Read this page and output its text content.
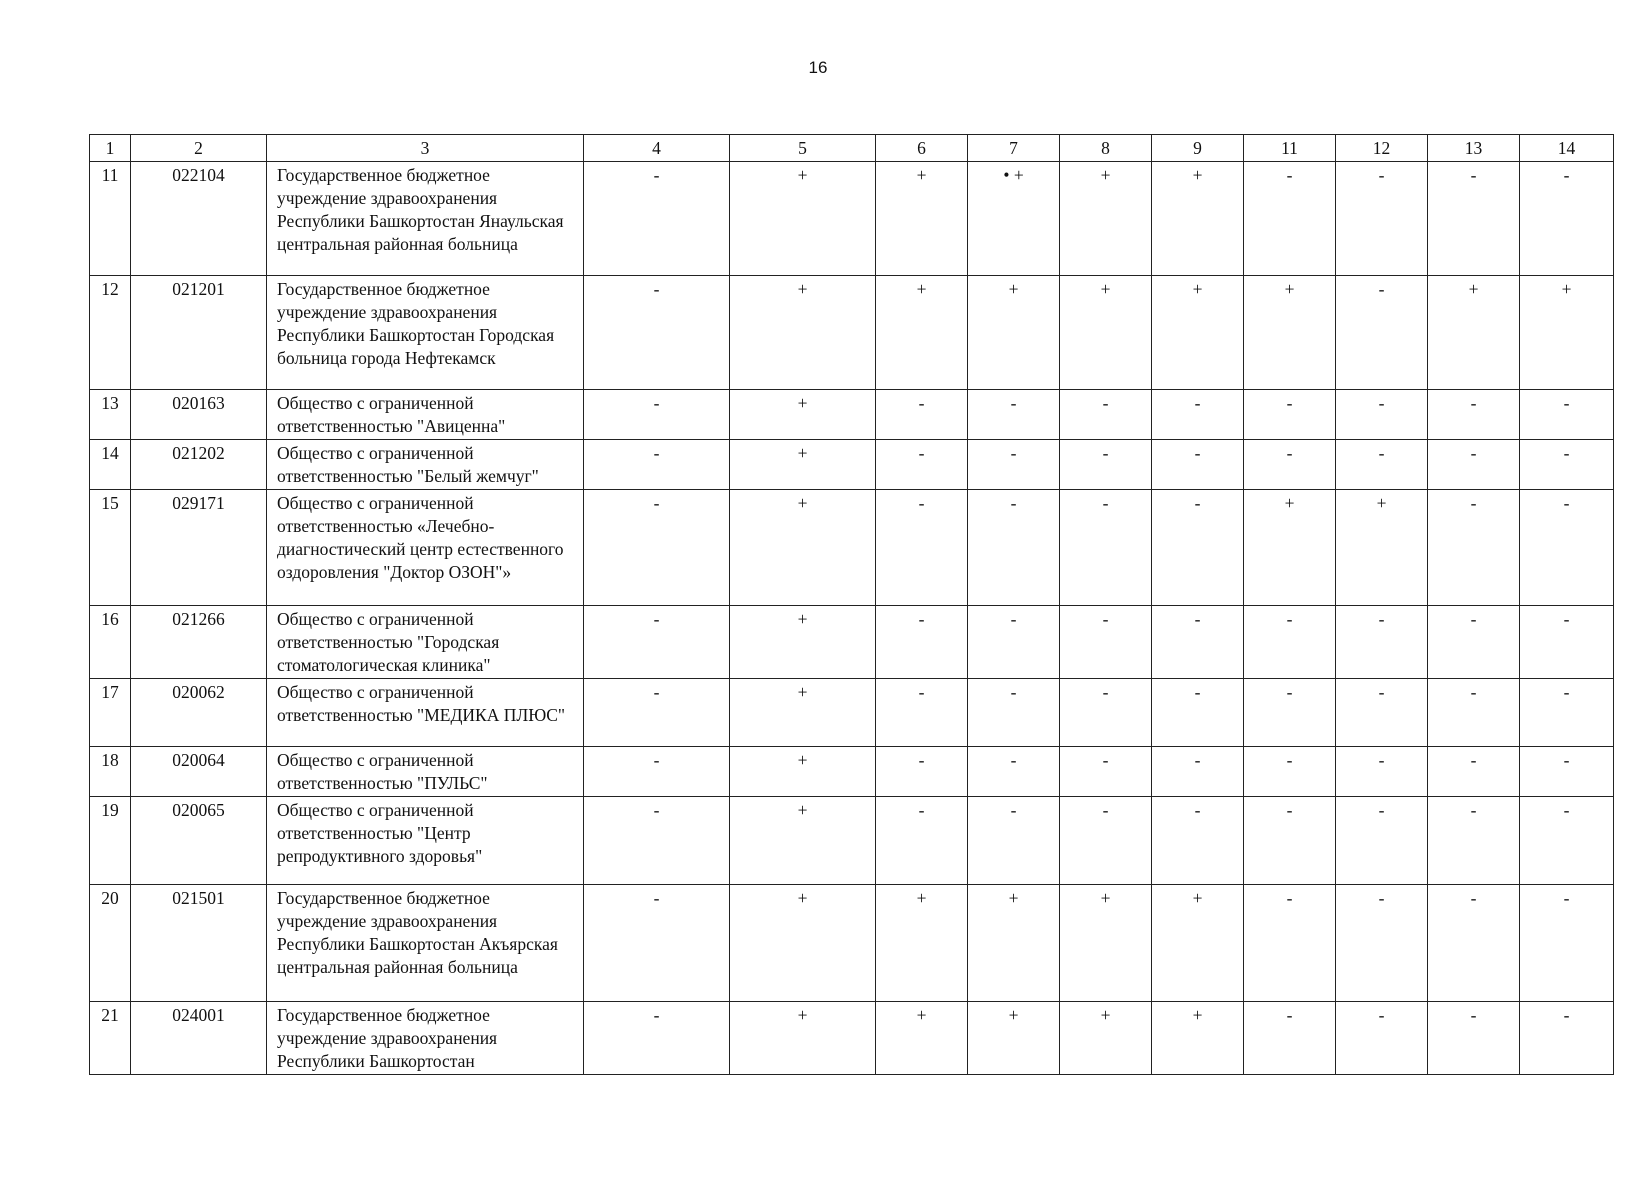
16
1	2	3	4	5	6	7	8	9	11	12	13	14
11	022104	Государственное бюджетное учреждение здравоохранения Республики Башкортостан Янаульская центральная районная больница	-	+	+	• +	+	+	-	-	-	-
12	021201	Государственное бюджетное учреждение здравоохранения Республики Башкортостан Городская больница города Нефтекамск	-	+	+	+	+	+	+	-	+	+
13	020163	Общество с ограниченной ответственностью "Авиценна"	-	+	-	-	-	-	-	-	-	-
14	021202	Общество с ограниченной ответственностью "Белый жемчуг"	-	+	-	-	-	-	-	-	-	-
15	029171	Общество с ограниченной ответственностью «Лечебно-диагностический центр естественного оздоровления "Доктор ОЗОН"»	-	+	-	-	-	-	+	+	-	-
16	021266	Общество с ограниченной ответственностью "Городская стоматологическая клиника"	-	+	-	-	-	-	-	-	-	-
17	020062	Общество с ограниченной ответственностью "МЕДИКА ПЛЮС"	-	+	-	-	-	-	-	-	-	-
18	020064	Общество с ограниченной ответственностью "ПУЛЬС"	-	+	-	-	-	-	-	-	-	-
19	020065	Общество с ограниченной ответственностью "Центр репродуктивного здоровья"	-	+	-	-	-	-	-	-	-	-
20	021501	Государственное бюджетное учреждение здравоохранения Республики Башкортостан Акъярская центральная районная больница	-	+	+	+	+	+	-	-	-	-
21	024001	Государственное бюджетное учреждение здравоохранения Республики Башкортостан	-	+	+	+	+	+	-	-	-	-
